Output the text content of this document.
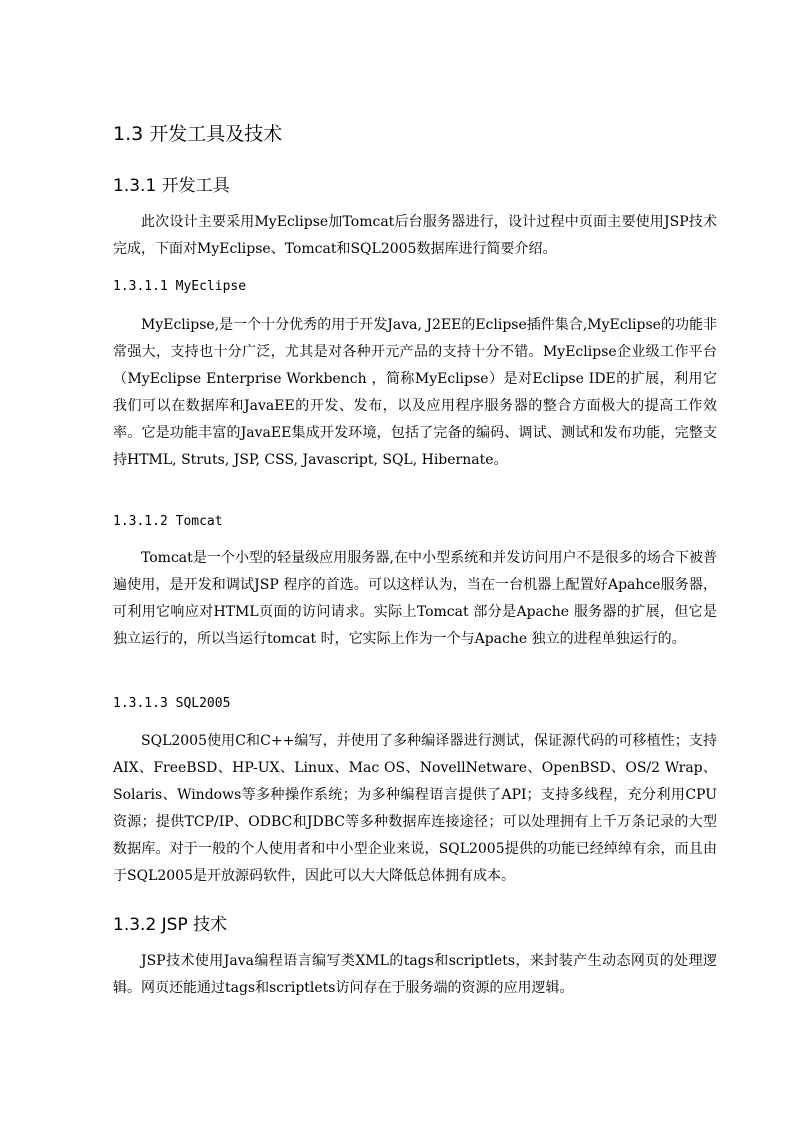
1.3 开发工具及技术
1.3.1 开发工具

此次设计主要采用MyEclipse加Tomcat后台服务器进行，设计过程中页面主要使用JSP技术完成，下面对MyEclipse、Tomcat和SQL2005数据库进行简要介绍。

1.3.1.1 MyEclipse

MyEclipse,是一个十分优秀的用于开发Java, J2EE的Eclipse插件集合,MyEclipse的功能非常强大，支持也十分广泛，尤其是对各种开元产品的支持十分不错。MyEclipse企业级工作平台（MyEclipse Enterprise Workbench ，简称MyEclipse）是对Eclipse IDE的扩展，利用它我们可以在数据库和JavaEE的开发、发布，以及应用程序服务器的整合方面极大的提高工作效率。它是功能丰富的JavaEE集成开发环境，包括了完备的编码、调试、测试和发布功能，完整支持HTML, Struts, JSP, CSS, Javascript, SQL, Hibernate。

1.3.1.2 Tomcat

Tomcat是一个小型的轻量级应用服务器,在中小型系统和并发访问用户不是很多的场合下被普遍使用，是开发和调试JSP 程序的首选。可以这样认为，当在一台机器上配置好Apahce服务器，可利用它响应对HTML页面的访问请求。实际上Tomcat 部分是Apache 服务器的扩展，但它是独立运行的，所以当运行tomcat 时，它实际上作为一个与Apache 独立的进程单独运行的。

1.3.1.3 SQL2005

SQL2005使用C和C++编写，并使用了多种编译器进行测试，保证源代码的可移植性；支持AIX、FreeBSD、HP-UX、Linux、Mac OS、NovellNetware、OpenBSD、OS/2 Wrap、Solaris、Windows等多种操作系统；为多种编程语言提供了API；支持多线程，充分利用CPU资源；提供TCP/IP、ODBC和JDBC等多种数据库连接途径；可以处理拥有上千万条记录的大型数据库。对于一般的个人使用者和中小型企业来说，SQL2005提供的功能已经绰绰有余，而且由于SQL2005是开放源码软件，因此可以大大降低总体拥有成本。

1.3.2 JSP 技术

JSP技术使用Java编程语言编写类XML的tags和scriptlets，来封装产生动态网页的处理逻辑。网页还能通过tags和scriptlets访问存在于服务端的资源的应用逻辑。
